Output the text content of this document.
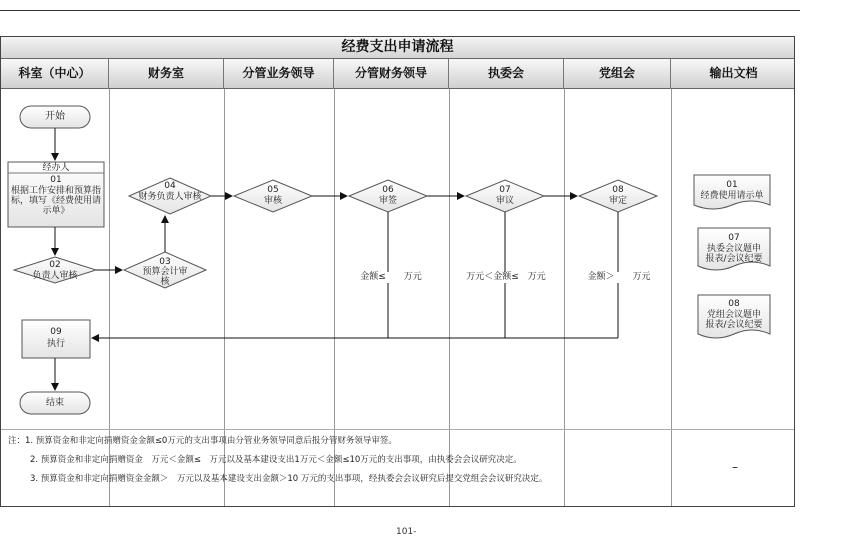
经费支出申请流程
科室（中心）	财务室	分管业务领导	分管财务领导	执委会	党组会	输出文档
开始
经办人
01
根据工作安排和预算指标，填写《经费使用请示单》
02
负责人审核
03
预算会计审核
04
财务负责人审核
05
审核
06
审签
07
审议
08
审定
09
执行
结束
金额≤　　万元	万元＜金额≤　万元	金额＞　　万元
01
经费使用请示单
07
执委会议题申报表/会议纪要
08
党组会议题申报表/会议纪要
注：1. 预算资金和非定向捐赠资金金额≤0万元的支出事项由分管业务领导同意后报分管财务领导审签。
2. 预算资金和非定向捐赠资金　万元＜金额≤　万元以及基本建设支出1万元＜金额≤10万元的支出事项，由执委会会议研究决定。
3. 预算资金和非定向捐赠资金金额＞　万元以及基本建设支出金额＞10 万元的支出事项，经执委会会议研究后提交党组会会议研究决定。
–
101-
